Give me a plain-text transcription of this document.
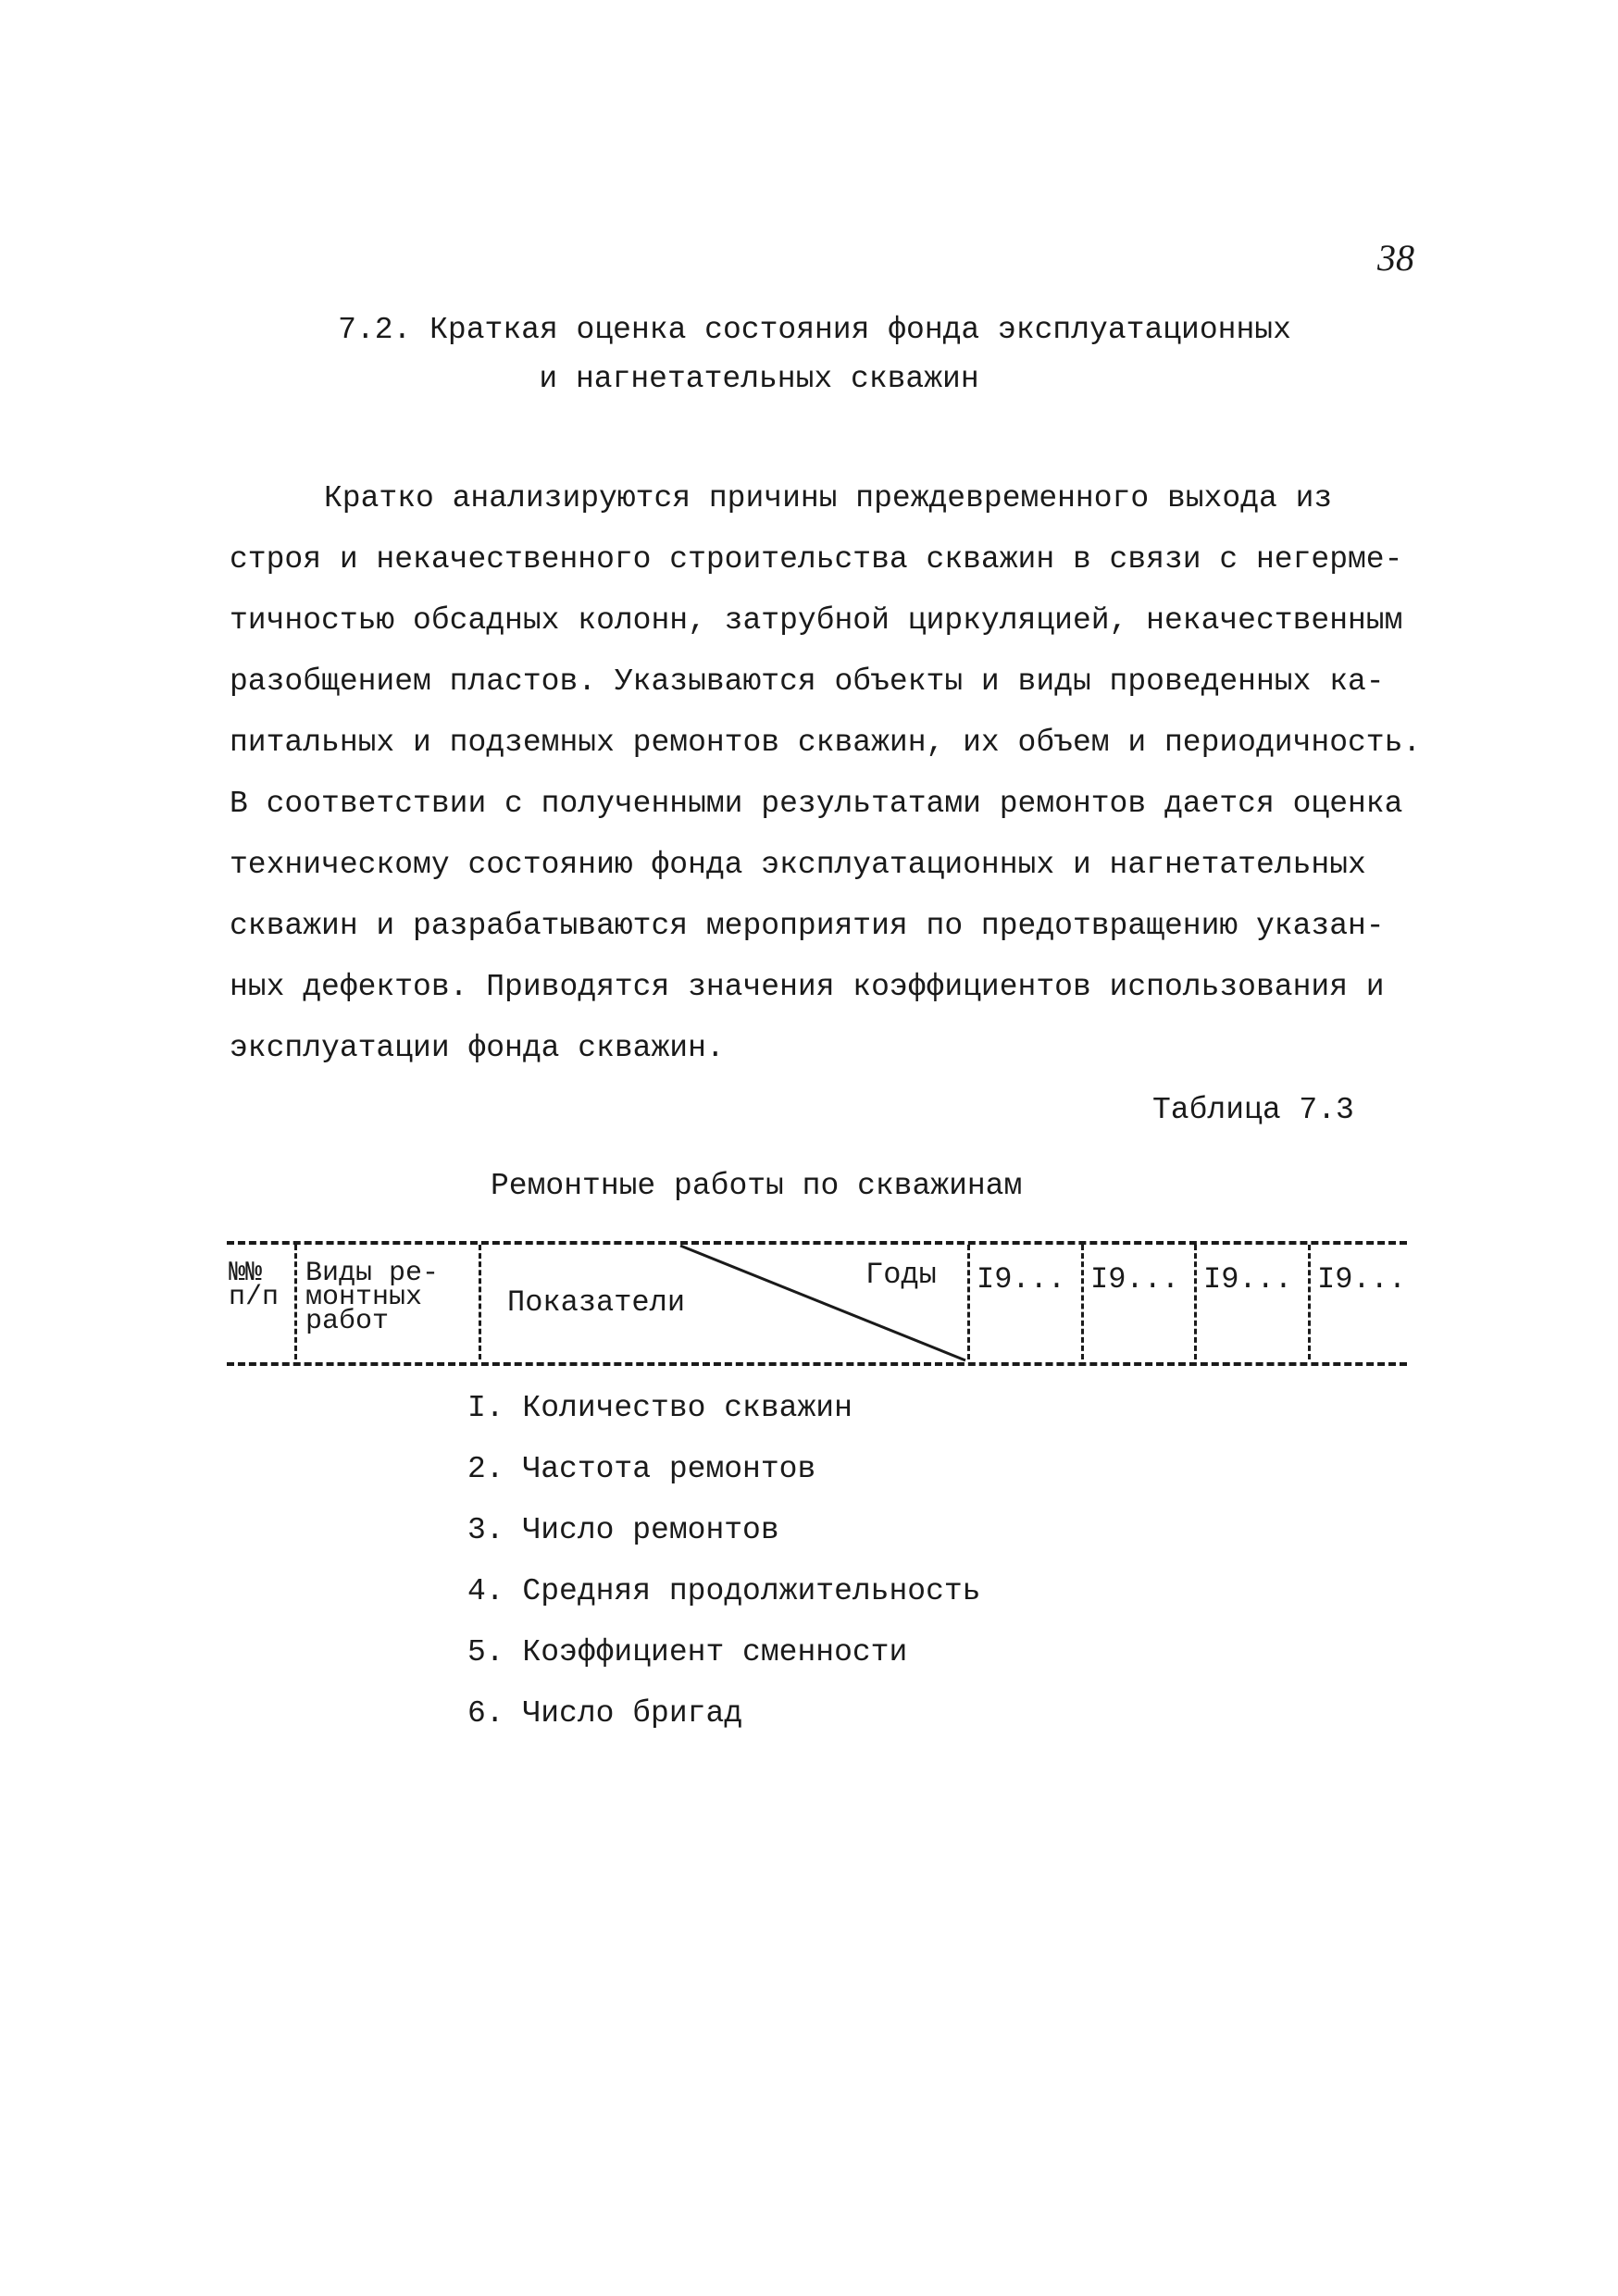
38
7.2. Краткая оценка состояния фонда эксплуатационных
и нагнетательных скважин
Кратко анализируются причины преждевременного выхода из
строя и некачественного строительства скважин в связи с негерме-
тичностью обсадных колонн, затрубной циркуляцией, некачественным
разобщением пластов. Указываются объекты и виды проведенных ка-
питальных и подземных ремонтов скважин, их объем и периодичность.
В соответствии с полученными результатами ремонтов дается оценка
техническому состоянию фонда эксплуатационных и нагнетательных
скважин и разрабатываются мероприятия по предотвращению указан-
ных дефектов. Приводятся значения коэффициентов использования и
эксплуатации фонда скважин.
Таблица 7.3
Ремонтные работы по скважинам
№№
п/п
Виды ре-
монтных
работ
Показатели
Годы I9... I9... I9... I9...
I. Количество скважин
2. Частота ремонтов
3. Число ремонтов
4. Средняя продолжительность
5. Коэффициент сменности
6. Число бригад
